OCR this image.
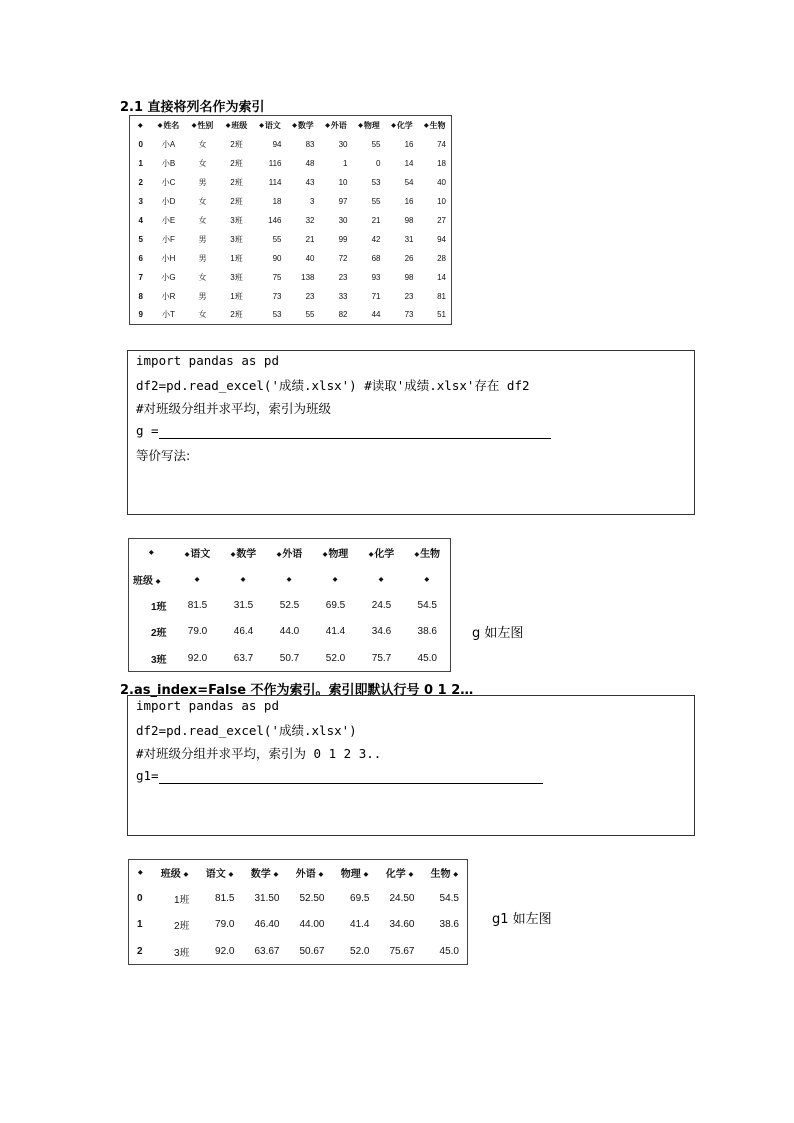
2.1 直接将列名作为索引
◆	◆姓名	◆性别	◆班级	◆语文	◆数学	◆外语	◆物理	◆化学	◆生物
0	小A	女	2班	94	83	30	55	16	74
1	小B	女	2班	116	48	1	0	14	18
2	小C	男	2班	114	43	10	53	54	40
3	小D	女	2班	18	3	97	55	16	10
4	小E	女	3班	146	32	30	21	98	27
5	小F	男	3班	55	21	99	42	31	94
6	小H	男	1班	90	40	72	68	26	28
7	小G	女	3班	75	138	23	93	98	14
8	小R	男	1班	73	23	33	71	23	81
9	小T	女	2班	53	55	82	44	73	51
import pandas as pd
df2=pd.read_excel('成绩.xlsx') #读取'成绩.xlsx'存在 df2
#对班级分组并求平均，索引为班级
g =
等价写法:
◆	◆语文	◆数学	◆外语	◆物理	◆化学	◆生物
班级 ◆	◆	◆	◆	◆	◆	◆
1班	81.5	31.5	52.5	69.5	24.5	54.5
2班	79.0	46.4	44.0	41.4	34.6	38.6
3班	92.0	63.7	50.7	52.0	75.7	45.0
g 如左图
2.as_index=False 不作为索引。索引即默认行号 0 1 2…
import pandas as pd
df2=pd.read_excel('成绩.xlsx')
#对班级分组并求平均，索引为 0 1 2 3..
g1=
◆	班级 ◆	语文 ◆	数学 ◆	外语 ◆	物理 ◆	化学 ◆	生物 ◆
0	1班	81.5	31.50	52.50	69.5	24.50	54.5
1	2班	79.0	46.40	44.00	41.4	34.60	38.6
2	3班	92.0	63.67	50.67	52.0	75.67	45.0
g1 如左图
